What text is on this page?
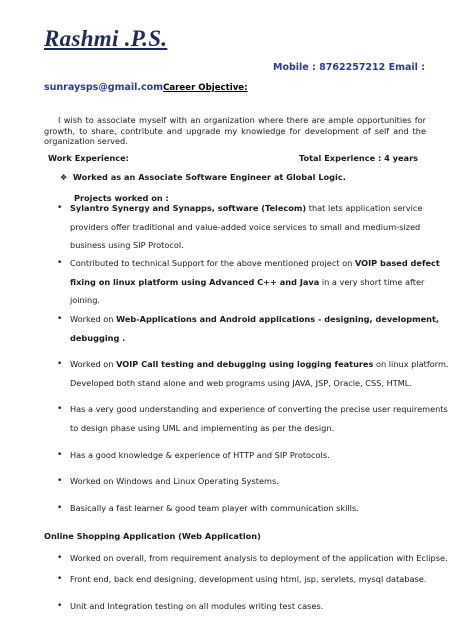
Rashmi .P.S.
Mobile : 8762257212 Email :
sunraysps@gmail.comCareer Objective:
I wish to associate myself with an organization where there are ample opportunities for growth, to share, contribute and upgrade my knowledge for development of self and the organization served.
Work Experience:	Total Experience : 4 years
❖ Worked as an Associate Software Engineer at Global Logic.
Projects worked on :
• Sylantro Synergy and Synapps, software (Telecom) that lets application service
providers offer traditional and value-added voice services to small and medium-sized
business using SIP Protocol.
• Contributed to technical Support for the above mentioned project on VOIP based defect
fixing on linux platform using Advanced C++ and Java in a very short time after
joining.
• Worked on Web-Applications and Android applications - designing, development,
debugging .
• Worked on VOIP Call testing and debugging using logging features on linux platform.
Developed both stand alone and web programs using JAVA, JSP, Oracle, CSS, HTML.
• Has a very good understanding and experience of converting the precise user requirements
to design phase using UML and implementing as per the design.
• Has a good knowledge & experience of HTTP and SIP Protocols.
• Worked on Windows and Linux Operating Systems.
• Basically a fast learner & good team player with communication skills.
Online Shopping Application (Web Application)
• Worked on overall, from requirement analysis to deployment of the application with Eclipse.
• Front end, back end designing, development using html, jsp, servlets, mysql database.
• Unit and Integration testing on all modules writing test cases.
